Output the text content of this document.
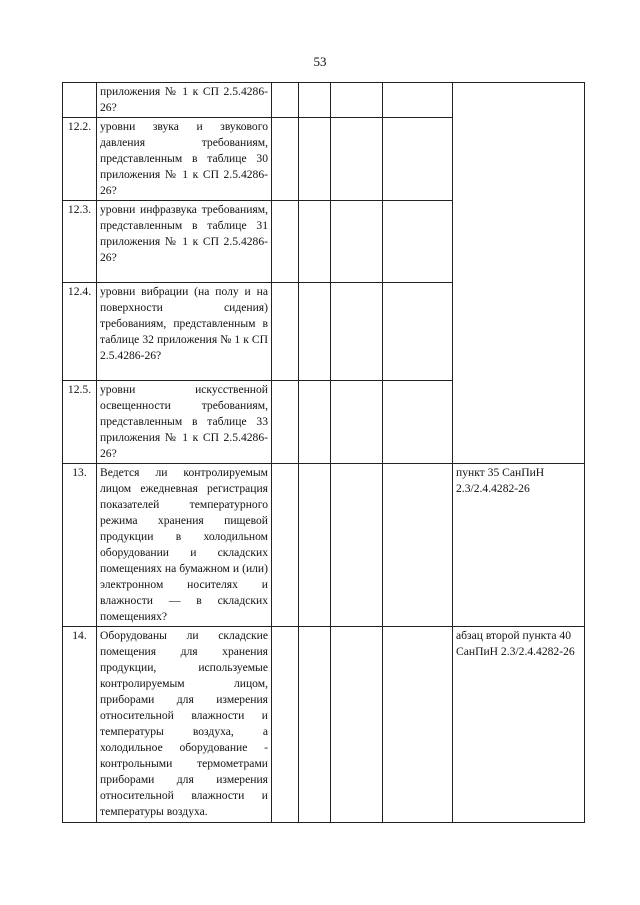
53
	приложения № 1 к СП 2.5.4286-26?					
12.2.	уровни звука и звукового давления требованиям, представленным в таблице 30 приложения № 1 к СП 2.5.4286-26?					
12.3.	уровни инфразвука требованиям, представленным в таблице 31 приложения № 1 к СП 2.5.4286-26?					
12.4.	уровни вибрации (на полу и на поверхности сидения) требованиям, представленным в таблице 32 приложения № 1 к СП 2.5.4286-26?					
12.5.	уровни искусственной освещенности требованиям, представленным в таблице 33 приложения № 1 к СП 2.5.4286-26?					
13.	Ведется ли контролируемым лицом ежедневная регистрация показателей температурного режима хранения пищевой продукции в холодильном оборудовании и складских помещениях на бумажном и (или) электронном носителях и влажности — в складских помещениях?					пункт 35 СанПиН 2.3/2.4.4282-26
14.	Оборудованы ли складские помещения для хранения продукции, используемые контролируемым лицом, приборами для измерения относительной влажности и температуры воздуха, а холодильное оборудование - контрольными термометрами приборами для измерения относительной влажности и температуры воздуха.					абзац второй пункта 40 СанПиН 2.3/2.4.4282-26
